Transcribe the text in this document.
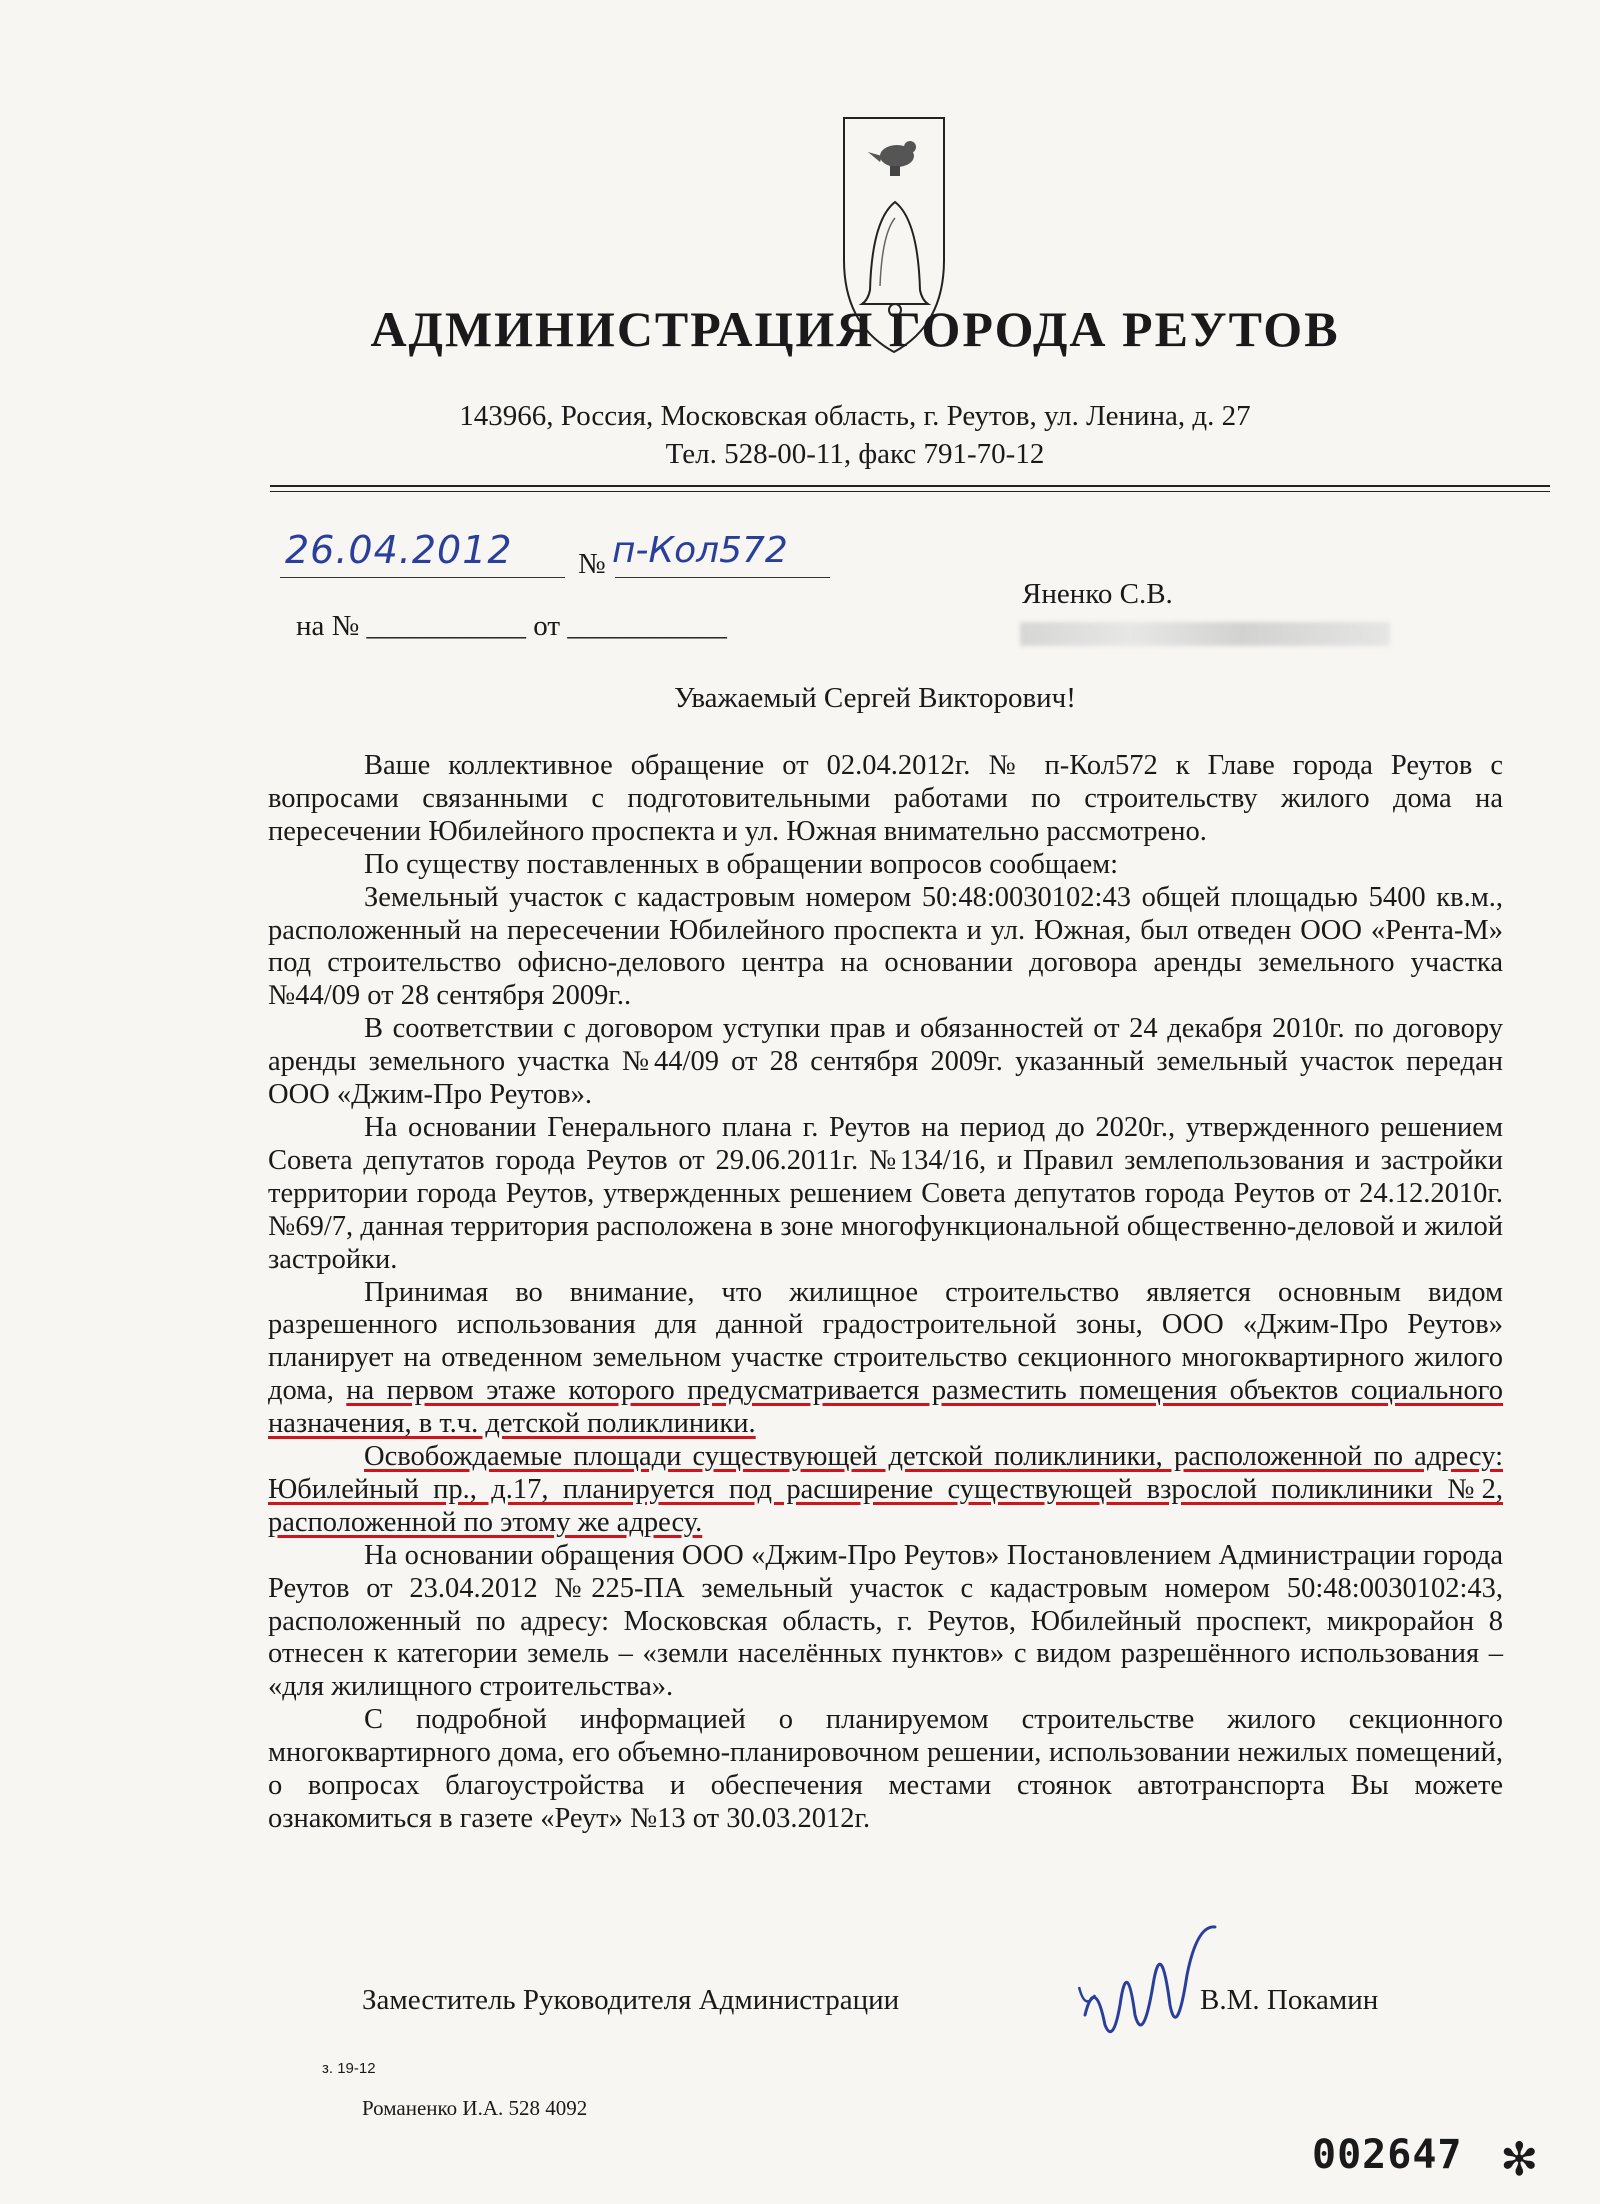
АДМИНИСТРАЦИЯ ГОРОДА РЕУТОВ
143966, Россия, Московская область, г. Реутов, ул. Ленина, д. 27
Тел. 528-00-11, факс 791-70-12
26.04.2012	№ п-Кол572
на № ___________ от ___________
Яненко С.В.
Уважаемый Сергей Викторович!

Ваше коллективное обращение от 02.04.2012г. № п-Кол572 к Главе города Реутов с вопросами связанными с подготовительными работами по строительству жилого дома на пересечении Юбилейного проспекта и ул. Южная внимательно рассмотрено.

По существу поставленных в обращении вопросов сообщаем:

Земельный участок с кадастровым номером 50:48:0030102:43 общей площадью 5400 кв.м., расположенный на пересечении Юбилейного проспекта и ул. Южная, был отведен ООО «Рента-М» под строительство офисно-делового центра на основании договора аренды земельного участка №44/09 от 28 сентября 2009г..

В соответствии с договором уступки прав и обязанностей от 24 декабря 2010г. по договору аренды земельного участка №44/09 от 28 сентября 2009г. указанный земельный участок передан ООО «Джим-Про Реутов».

На основании Генерального плана г. Реутов на период до 2020г., утвержденного решением Совета депутатов города Реутов от 29.06.2011г. №134/16, и Правил землепользования и застройки территории города Реутов, утвержденных решением Совета депутатов города Реутов от 24.12.2010г. №69/7, данная территория расположена в зоне многофункциональной общественно-деловой и жилой застройки.

Принимая во внимание, что жилищное строительство является основным видом разрешенного использования для данной градостроительной зоны, ООО «Джим-Про Реутов» планирует на отведенном земельном участке строительство секционного многоквартирного жилого дома, на первом этаже которого предусматривается разместить помещения объектов социального назначения, в т.ч. детской поликлиники.

Освобождаемые площади существующей детской поликлиники, расположенной по адресу: Юбилейный пр., д.17, планируется под расширение существующей взрослой поликлиники №2, расположенной по этому же адресу.

На основании обращения ООО «Джим-Про Реутов» Постановлением Администрации города Реутов от 23.04.2012 №225-ПА земельный участок с кадастровым номером 50:48:0030102:43, расположенный по адресу: Московская область, г. Реутов, Юбилейный проспект, микрорайон 8 отнесен к категории земель – «земли населённых пунктов» с видом разрешённого использования – «для жилищного строительства».

С подробной информацией о планируемом строительстве жилого секционного многоквартирного дома, его объемно-планировочном решении, использовании нежилых помещений, о вопросах благоустройства и обеспечения местами стоянок автотранспорта Вы можете ознакомиться в газете «Реут» №13 от 30.03.2012г.

Заместитель Руководителя Администрации	В.М. Покамин
з. 19-12
Романенко И.А. 528 4092
002647 ✻
